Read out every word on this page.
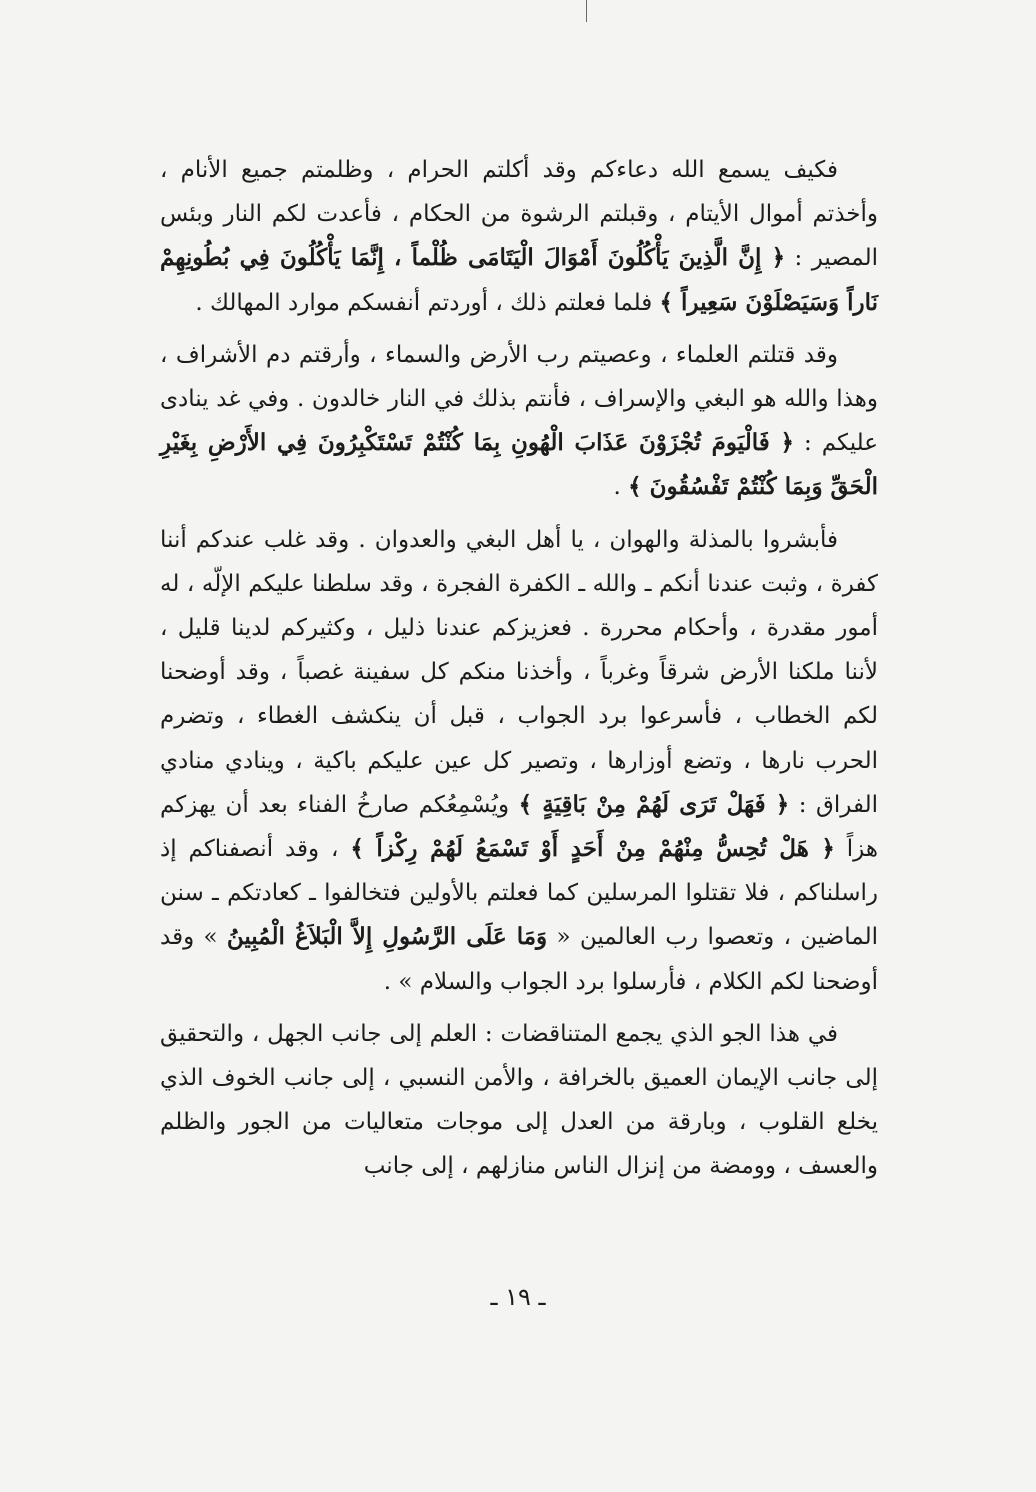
فكيف يسمع الله دعاءكم وقد أكلتم الحرام ، وظلمتم جميع الأنام ، وأخذتم أموال الأيتام ، وقبلتم الرشوة من الحكام ، فأعدت لكم النار وبئس المصير : ﴿ إِنَّ الَّذِينَ يَأْكُلُونَ أَمْوَالَ الْيَتَامَى ظُلْماً ، إِنَّمَا يَأْكُلُونَ فِي بُطُونِهِمْ نَاراً وَسَيَصْلَوْنَ سَعِيراً ﴾ فلما فعلتم ذلك ، أوردتم أنفسكم موارد المهالك .

وقد قتلتم العلماء ، وعصيتم رب الأرض والسماء ، وأرقتم دم الأشراف ، وهذا والله هو البغي والإسراف ، فأنتم بذلك في النار خالدون . وفي غد ينادى عليكم : ﴿ فَالْيَومَ تُجْزَوْنَ عَذَابَ الْهُونِ بِمَا كُنْتُمْ تَسْتَكْبِرُونَ فِي الأَرْضِ بِغَيْرِ الْحَقِّ وَبِمَا كُنْتُمْ تَفْسُقُونَ ﴾ .

فأبشروا بالمذلة والهوان ، يا أهل البغي والعدوان . وقد غلب عندكم أننا كفرة ، وثبت عندنا أنكم ـ والله ـ الكفرة الفجرة ، وقد سلطنا عليكم الإلّه ، له أمور مقدرة ، وأحكام محررة . فعزيزكم عندنا ذليل ، وكثيركم لدينا قليل ، لأننا ملكنا الأرض شرقاً وغرباً ، وأخذنا منكم كل سفينة غصباً ، وقد أوضحنا لكم الخطاب ، فأسرعوا برد الجواب ، قبل أن ينكشف الغطاء ، وتضرم الحرب نارها ، وتضع أوزارها ، وتصير كل عين عليكم باكية ، وينادي منادي الفراق : ﴿ فَهَلْ تَرَى لَهُمْ مِنْ بَاقِيَةٍ ﴾ ويُسْمِعُكم صارخُ الفناء بعد أن يهزكم هزاً ﴿ هَلْ تُحِسُّ مِنْهُمْ مِنْ أَحَدٍ أَوْ تَسْمَعُ لَهُمْ رِكْزاً ﴾ ، وقد أنصفناكم إذ راسلناكم ، فلا تقتلوا المرسلين كما فعلتم بالأولين فتخالفوا ـ كعادتكم ـ سنن الماضين ، وتعصوا رب العالمين « وَمَا عَلَى الرَّسُولِ إِلاَّ الْبَلاَغُ الْمُبِينُ » وقد أوضحنا لكم الكلام ، فأرسلوا برد الجواب والسلام » .

في هذا الجو الذي يجمع المتناقضات : العلم إلى جانب الجهل ، والتحقيق إلى جانب الإيمان العميق بالخرافة ، والأمن النسبي ، إلى جانب الخوف الذي يخلع القلوب ، وبارقة من العدل إلى موجات متعاليات من الجور والظلم والعسف ، وومضة من إنزال الناس منازلهم ، إلى جانب

ـ ١٩ ـ
